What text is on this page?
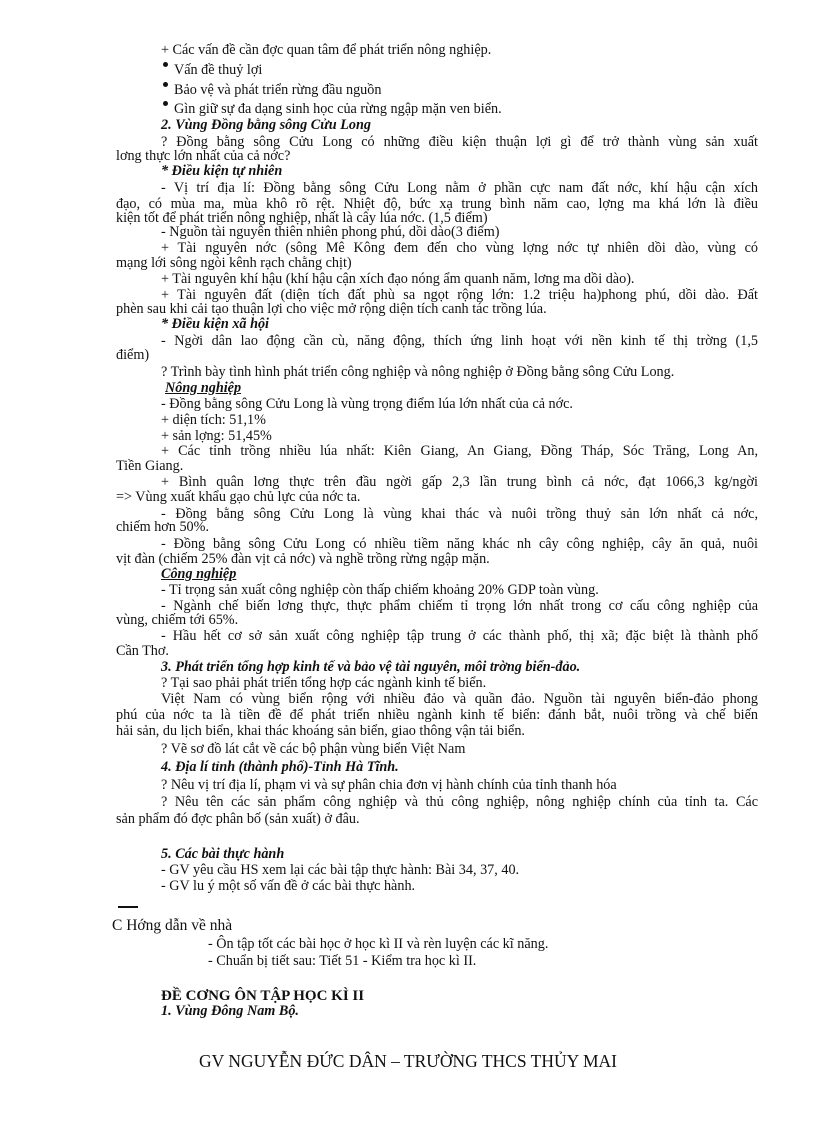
+ Các vấn đề cần đợc quan tâm để phát triển nông nghiệp.
Vấn đề thuỷ lợi
Bảo vệ và phát triển rừng đầu nguồn
Gìn giữ sự đa dạng sinh học của rừng ngập mặn ven biển.
2. Vùng Đồng bằng sông Cửu Long
? Đồng bằng sông Cửu Long có những điều kiện thuận lợi gì để trở thành vùng sản xuất
lơng thực lớn nhất của cả nớc?
* Điều kiện tự nhiên
- Vị trí địa lí: Đồng bằng sông Cửu Long nằm ở phần cực nam đất nớc, khí hậu cận xích
đạo, có mùa ma, mùa khô rõ rệt. Nhiệt độ, bức xạ trung bình năm cao, lợng ma khá lớn là điều
kiện tốt để phát triển nông nghiệp, nhất là cây lúa nớc. (1,5 điểm)
- Nguồn tài nguyên thiên nhiên phong phú, dồi dào(3 điểm)
+ Tài nguyên nớc (sông Mê Kông đem đến cho vùng lợng nớc tự nhiên dồi dào, vùng có
mạng lới sông ngòi kênh rạch chằng chịt)
+ Tài nguyên khí hậu (khí hậu cận xích đạo nóng ẩm quanh năm, lơng ma dồi dào).
+ Tài nguyên đất (diện tích đất phù sa ngọt rộng lớn: 1.2 triệu ha)phong phú, dồi dào. Đất
phèn sau khi cải tạo thuận lợi cho việc mở rộng diện tích canh tác trồng lúa.
* Điều kiện xã hội
- Ngời dân lao động cần cù, năng động, thích ứng linh hoạt với nền kinh tế thị trờng (1,5
điểm)
? Trình bày tình hình phát triển công nghiệp và nông nghiệp ở Đồng bằng sông Cửu Long.
Nông nghiệp
- Đồng bằng sông Cửu Long là vùng trọng điểm lúa lớn nhất của cả nớc.
+ diện tích: 51,1%
+ sản lợng: 51,45%
+ Các tỉnh trồng nhiều lúa nhất: Kiên Giang, An Giang, Đồng Tháp, Sóc Trăng, Long An,
Tiền Giang.
+ Bình quân lơng thực trên đầu ngời gấp 2,3 lần trung bình cả nớc, đạt 1066,3 kg/ngời
=> Vùng xuất khẩu gạo chủ lực của nớc ta.
- Đồng bằng sông Cửu Long là vùng khai thác và nuôi trồng thuỷ sản lớn nhất cả nớc,
chiếm hơn 50%.
- Đồng bằng sông Cửu Long có nhiều tiềm năng khác nh cây công nghiệp, cây ăn quả, nuôi
vịt đàn (chiếm 25% đàn vịt cả nớc) và nghề trồng rừng ngập mặn.
Công nghiệp
- Tỉ trọng sản xuất công nghiệp còn thấp chiếm khoảng 20% GDP toàn vùng.
- Ngành chế biến lơng thực, thực phẩm chiếm tỉ trọng lớn nhất trong cơ cấu công nghiệp của
vùng, chiếm tới 65%.
- Hầu hết cơ sở sản xuất công nghiệp tập trung ở các thành phố, thị xã; đặc biệt là thành phố
Cần Thơ.
3. Phát triển tổng hợp kinh tế và bảo vệ tài nguyên, môi trờng biển-đảo.
? Tại sao phải phát triển tổng hợp các ngành kinh tế biển.
Việt Nam có vùng biển rộng với nhiều đảo và quần đảo. Nguồn tài nguyên biển-đảo phong
phú của nớc ta là tiền đề để phát triển nhiều ngành kinh tế biển: đánh bắt, nuôi trồng và chế biến
hải sản, du lịch biển, khai thác khoáng sản biển, giao thông vận tải biển.
? Vẽ sơ đồ lát cắt về các bộ phận vùng biển Việt Nam
4. Địa lí tỉnh (thành phố)-Tỉnh Hà Tĩnh.
? Nêu vị trí địa lí, phạm vi và sự phân chia đơn vị hành chính của tỉnh thanh hóa
? Nêu tên các sản phẩm công nghiệp và thủ công nghiệp, nông nghiệp chính của tỉnh ta. Các
sản phẩm đó đợc phân bố (sản xuất) ở đâu.
5. Các bài thực hành
- GV yêu cầu HS xem lại các bài tập thực hành: Bài 34, 37, 40.
- GV lu ý một số vấn đề ở các bài thực hành.
C Hớng dẫn về nhà
- Ôn tập tốt các bài học ở học kì II và rèn luyện các kĩ năng.
- Chuẩn bị tiết sau: Tiết 51 - Kiểm tra học kì II.
ĐỀ CƠNG ÔN TẬP HỌC KÌ II
1. Vùng Đông Nam Bộ.
GV NGUYỄN ĐỨC DÂN – TRƯỜNG THCS THỦY MAI
